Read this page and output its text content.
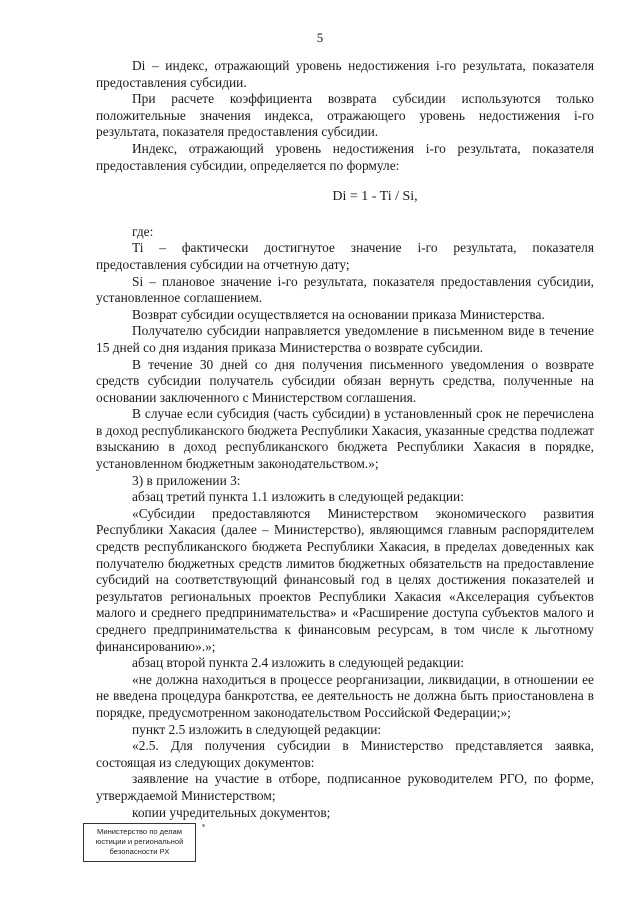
5

Di – индекс, отражающий уровень недостижения i-го результата, показателя предоставления субсидии.

При расчете коэффициента возврата субсидии используются только положительные значения индекса, отражающего уровень недостижения i-го результата, показателя предоставления субсидии.

Индекс, отражающий уровень недостижения i-го результата, показателя предоставления субсидии, определяется по формуле:

Di = 1 - Ti / Si,

где:

Ti – фактически достигнутое значение i-го результата, показателя предоставления субсидии на отчетную дату;

Si – плановое значение i-го результата, показателя предоставления субсидии, установленное соглашением.

Возврат субсидии осуществляется на основании приказа Министерства.

Получателю субсидии направляется уведомление в письменном виде в течение 15 дней со дня издания приказа Министерства о возврате субсидии.

В течение 30 дней со дня получения письменного уведомления о возврате средств субсидии получатель субсидии обязан вернуть средства, полученные на основании заключенного с Министерством соглашения.

В случае если субсидия (часть субсидии) в установленный срок не перечислена в доход республиканского бюджета Республики Хакасия, указанные средства подлежат взысканию в доход республиканского бюджета Республики Хакасия в порядке, установленном бюджетным законодательством.»;

3) в приложении 3:

абзац третий пункта 1.1 изложить в следующей редакции:

«Субсидии предоставляются Министерством экономического развития Республики Хакасия (далее – Министерство), являющимся главным распорядителем средств республиканского бюджета Республики Хакасия, в пределах доведенных как получателю бюджетных средств лимитов бюджетных обязательств на предоставление субсидий на соответствующий финансовый год в целях достижения показателей и результатов региональных проектов Республики Хакасия «Акселерация субъектов малого и среднего предпринимательства» и «Расширение доступа субъектов малого и среднего предпринимательства к финансовым ресурсам, в том числе к льготному финансированию».»;

абзац второй пункта 2.4 изложить в следующей редакции:

«не должна находиться в процессе реорганизации, ликвидации, в отношении ее не введена процедура банкротства, ее деятельность не должна быть приостановлена в порядке, предусмотренном законодательством Российской Федерации;»;

пункт 2.5 изложить в следующей редакции:

«2.5. Для получения субсидии в Министерство представляется заявка, состоящая из следующих документов:

заявление на участие в отборе, подписанное руководителем РГО, по форме, утверждаемой Министерством;

копии учредительных документов;

Министерство по делам
юстиции и региональной
безопасности РХ
